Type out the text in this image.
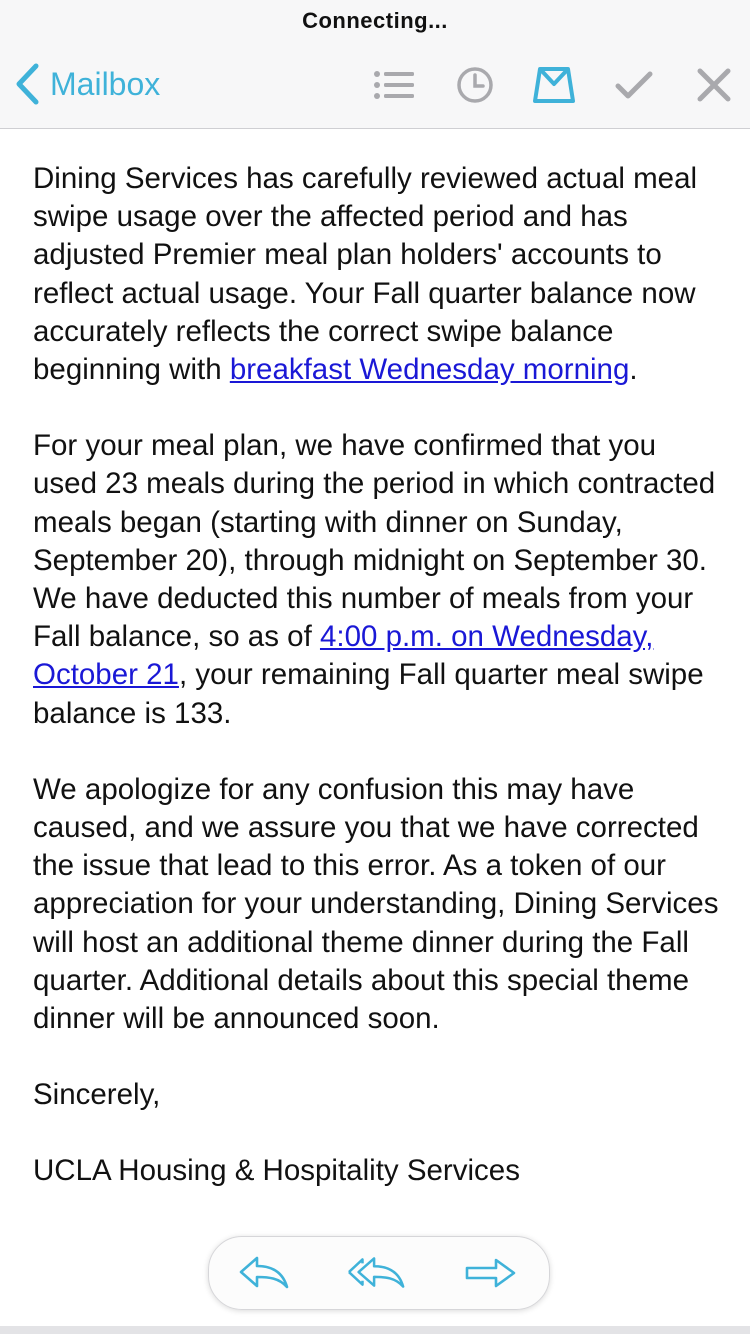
Connecting...
Mailbox

Dining Services has carefully reviewed actual meal swipe usage over the affected period and has adjusted Premier meal plan holders' accounts to reflect actual usage. Your Fall quarter balance now accurately reflects the correct swipe balance beginning with breakfast Wednesday morning.

For your meal plan, we have confirmed that you used 23 meals during the period in which contracted meals began (starting with dinner on Sunday, September 20), through midnight on September 30.  We have deducted this number of meals from your Fall balance, so as of 4:00 p.m. on Wednesday, October 21, your remaining Fall quarter meal swipe balance is 133.

We apologize for any confusion this may have caused, and we assure you that we have corrected the issue that lead to this error. As a token of our appreciation for your understanding, Dining Services will host an additional theme dinner during the Fall quarter. Additional details about this special theme dinner will be announced soon.

Sincerely,

UCLA Housing & Hospitality Services
